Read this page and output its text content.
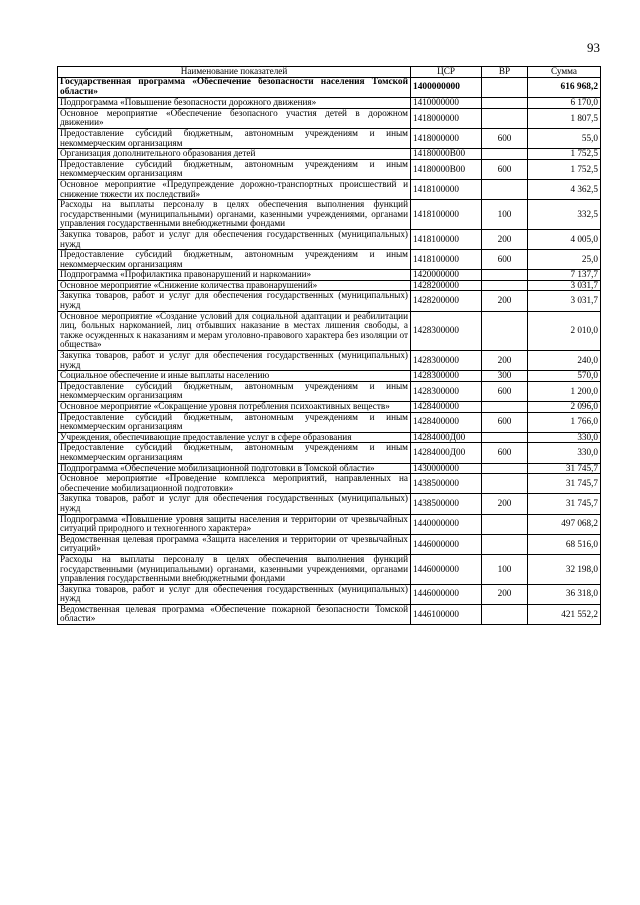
93
Наименование показателей	ЦСР	ВР	Сумма
Государственная программа «Обеспечение безопасности населения Томской области»	1400000000		616 968,2
Подпрограмма «Повышение безопасности дорожного движения»	1410000000		6 170,0
Основное мероприятие «Обеспечение безопасного участия детей в дорожном движении»	1418000000		1 807,5
Предоставление субсидий бюджетным, автономным учреждениям и иным некоммерческим организациям	1418000000	600	55,0
Организация дополнительного образования детей	14180000В00		1 752,5
Предоставление субсидий бюджетным, автономным учреждениям и иным некоммерческим организациям	14180000В00	600	1 752,5
Основное мероприятие «Предупреждение дорожно-транспортных происшествий и снижение тяжести их последствий»	1418100000		4 362,5
Расходы на выплаты персоналу в целях обеспечения выполнения функций государственными (муниципальными) органами, казенными учреждениями, органами управления государственными внебюджетными фондами	1418100000	100	332,5
Закупка товаров, работ и услуг для обеспечения государственных (муниципальных) нужд	1418100000	200	4 005,0
Предоставление субсидий бюджетным, автономным учреждениям и иным некоммерческим организациям	1418100000	600	25,0
Подпрограмма «Профилактика правонарушений и наркомании»	1420000000		7 137,7
Основное мероприятие «Снижение количества правонарушений»	1428200000		3 031,7
Закупка товаров, работ и услуг для обеспечения государственных (муниципальных) нужд	1428200000	200	3 031,7
Основное мероприятие «Создание условий для социальной адаптации и реабилитации лиц, больных наркоманией, лиц отбывших наказание в местах лишения свободы, а также осужденных к наказаниям и мерам уголовно-правового характера без изоляции от общества»	1428300000		2 010,0
Закупка товаров, работ и услуг для обеспечения государственных (муниципальных) нужд	1428300000	200	240,0
Социальное обеспечение и иные выплаты населению	1428300000	300	570,0
Предоставление субсидий бюджетным, автономным учреждениям и иным некоммерческим организациям	1428300000	600	1 200,0
Основное мероприятие «Сокращение уровня потребления психоактивных веществ»	1428400000		2 096,0
Предоставление субсидий бюджетным, автономным учреждениям и иным некоммерческим организациям	1428400000	600	1 766,0
Учреждения, обеспечивающие предоставление услуг в сфере образования	14284000Д00		330,0
Предоставление субсидий бюджетным, автономным учреждениям и иным некоммерческим организациям	14284000Д00	600	330,0
Подпрограмма «Обеспечение мобилизационной подготовки в Томской области»	1430000000		31 745,7
Основное мероприятие «Проведение комплекса мероприятий, направленных на обеспечение мобилизационной подготовки»	1438500000		31 745,7
Закупка товаров, работ и услуг для обеспечения государственных (муниципальных) нужд	1438500000	200	31 745,7
Подпрограмма «Повышение уровня защиты населения и территории от чрезвычайных ситуаций природного и техногенного характера»	1440000000		497 068,2
Ведомственная целевая программа «Защита населения и территории от чрезвычайных ситуаций»	1446000000		68 516,0
Расходы на выплаты персоналу в целях обеспечения выполнения функций государственными (муниципальными) органами, казенными учреждениями, органами управления государственными внебюджетными фондами	1446000000	100	32 198,0
Закупка товаров, работ и услуг для обеспечения государственных (муниципальных) нужд	1446000000	200	36 318,0
Ведомственная целевая программа «Обеспечение пожарной безопасности Томской области»	1446100000		421 552,2
